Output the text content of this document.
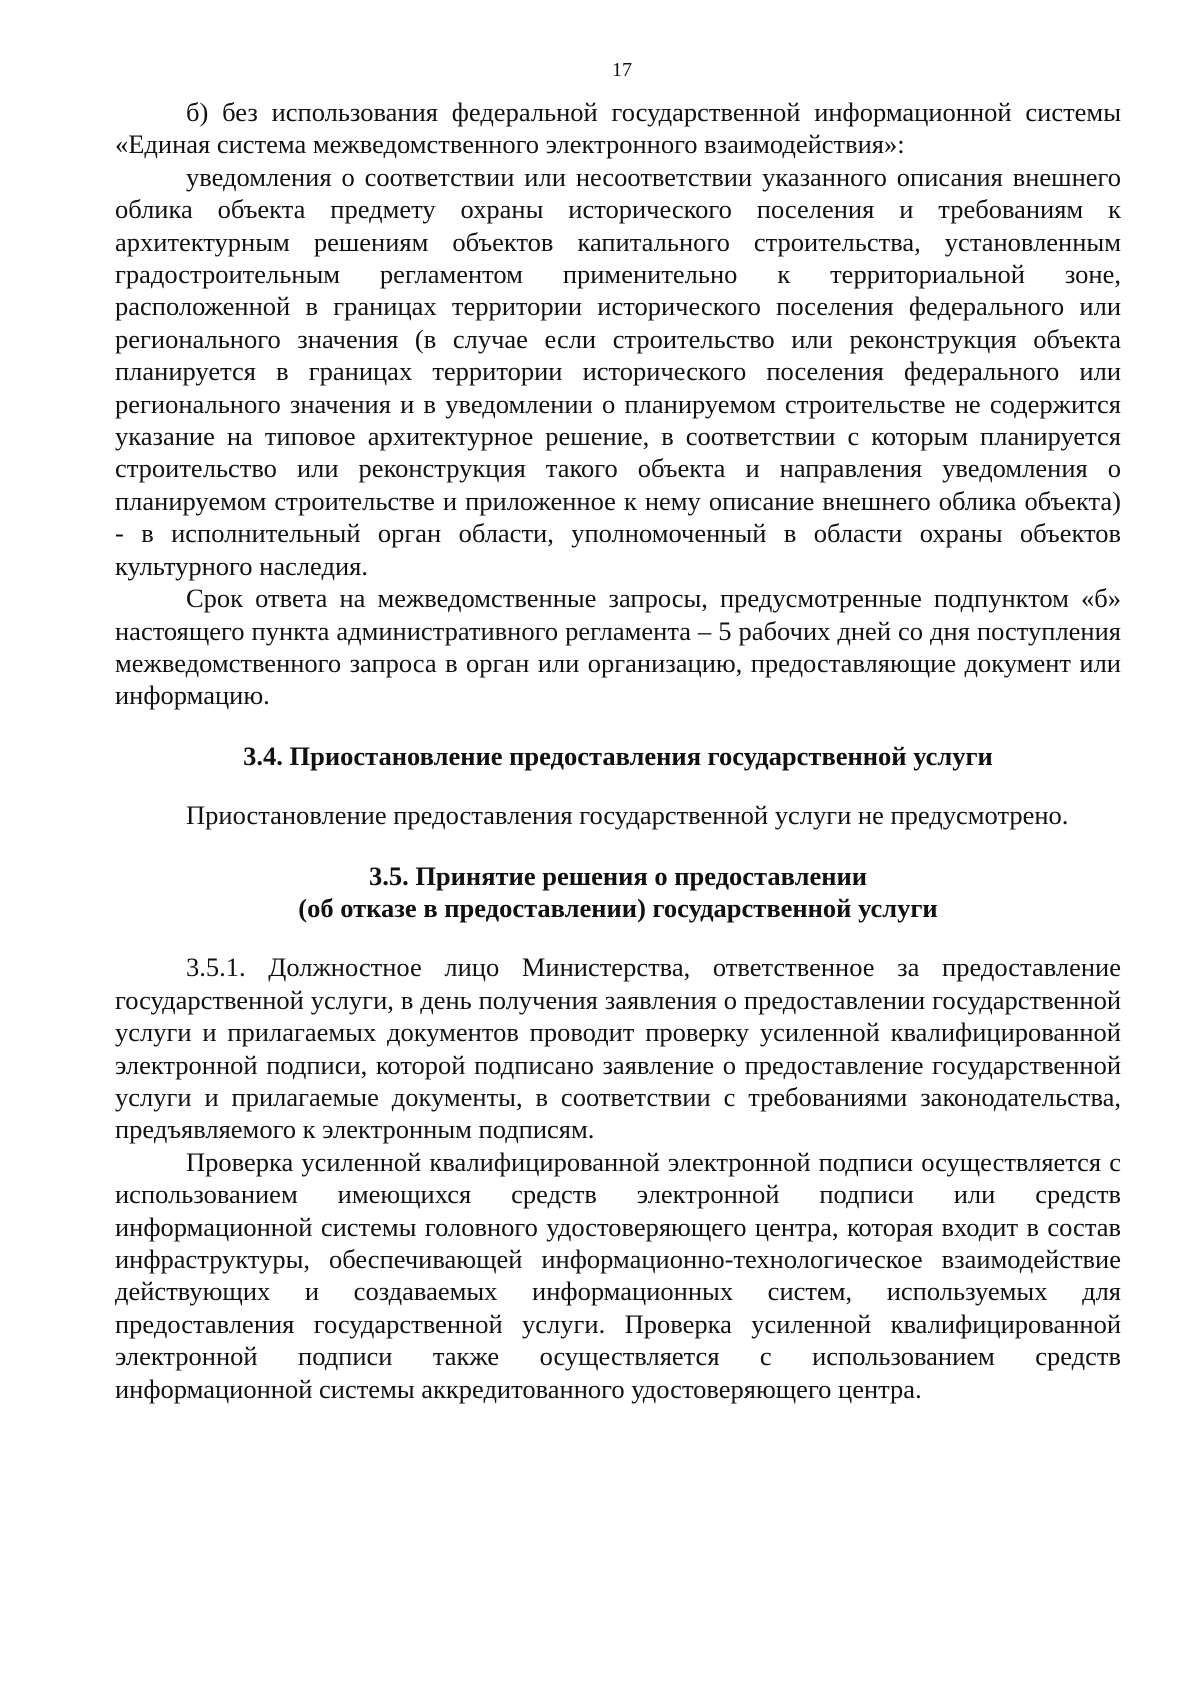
17

б) без использования федеральной государственной информационной системы «Единая система межведомственного электронного взаимодействия»:

уведомления о соответствии или несоответствии указанного описания внешнего облика объекта предмету охраны исторического поселения и требованиям к архитектурным решениям объектов капитального строительства, установленным градостроительным регламентом применительно к территориальной зоне, расположенной в границах территории исторического поселения федерального или регионального значения (в случае если строительство или реконструкция объекта планируется в границах территории исторического поселения федерального или регионального значения и в уведомлении о планируемом строительстве не содержится указание на типовое архитектурное решение, в соответствии с которым планируется строительство или реконструкция такого объекта и направления уведомления о планируемом строительстве и приложенное к нему описание внешнего облика объекта) - в исполнительный орган области, уполномоченный в области охраны объектов культурного наследия.

Срок ответа на межведомственные запросы, предусмотренные подпунктом «б» настоящего пункта административного регламента – 5 рабочих дней со дня поступления межведомственного запроса в орган или организацию, предоставляющие документ или информацию.

3.4. Приостановление предоставления государственной услуги

Приостановление предоставления государственной услуги не предусмотрено.

3.5. Принятие решения о предоставлении
(об отказе в предоставлении) государственной услуги

3.5.1. Должностное лицо Министерства, ответственное за предоставление государственной услуги, в день получения заявления о предоставлении государственной услуги и прилагаемых документов проводит проверку усиленной квалифицированной электронной подписи, которой подписано заявление о предоставление государственной услуги и прилагаемые документы, в соответствии с требованиями законодательства, предъявляемого к электронным подписям.

Проверка усиленной квалифицированной электронной подписи осуществляется с использованием имеющихся средств электронной подписи или средств информационной системы головного удостоверяющего центра, которая входит в состав инфраструктуры, обеспечивающей информационно-технологическое взаимодействие действующих и создаваемых информационных систем, используемых для предоставления государственной услуги. Проверка усиленной квалифицированной электронной подписи также осуществляется с использованием средств информационной системы аккредитованного удостоверяющего центра.
